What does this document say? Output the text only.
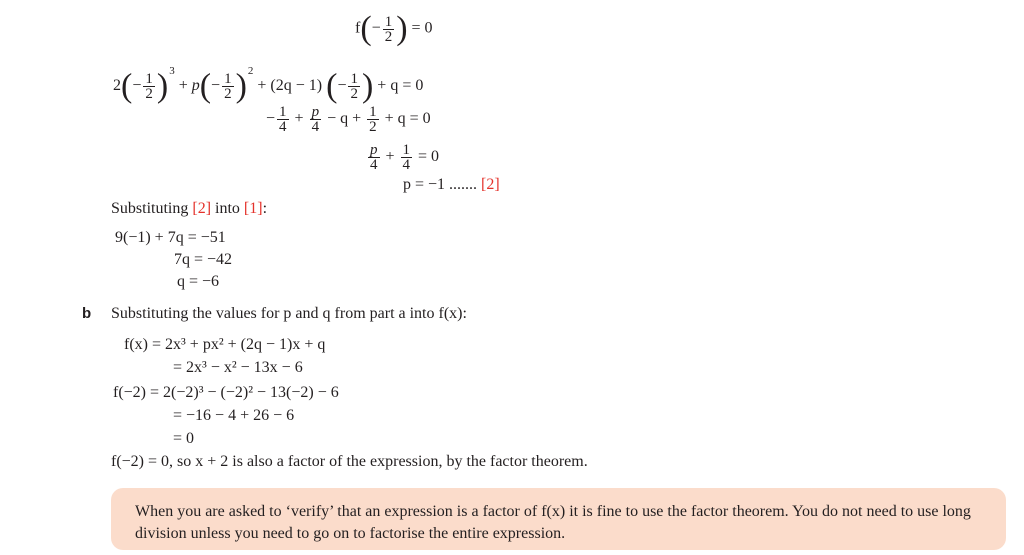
$f(- \frac{1}{2}$ ) = 0
$2(- \frac{1}{2} )^3 + p(- \frac{1}{2} )^2 + (2q - 1)$ (− $\frac{1}{2}$ ) + q = 0
− $\frac{1}{4} + \frac{p}{4} - q + \frac{1}{2} + q = 0$
$\frac{p}{4} + \frac{1}{4} = 0$
p = −1 ....... [2]
Substituting [2] into [1]:
9(−1) + 7q = −51
7q = −42
q = −6
b Substituting the values for p and q from part a into f(x):
f(x) = 2x³ + px² + (2q − 1)x + q
= 2x³ − x² − 13x − 6
f(−2) = 2(−2)³ − (−2)² − 13(−2) − 6
= −16 − 4 + 26 − 6
= 0
f(−2) = 0, so x + 2 is also a factor of the expression, by the factor theorem.

When you are asked to ‘verify’ that an expression is a factor of f(x) it is fine to use the factor theorem. You do not need to use long division unless you need to go on to factorise the entire expression.
